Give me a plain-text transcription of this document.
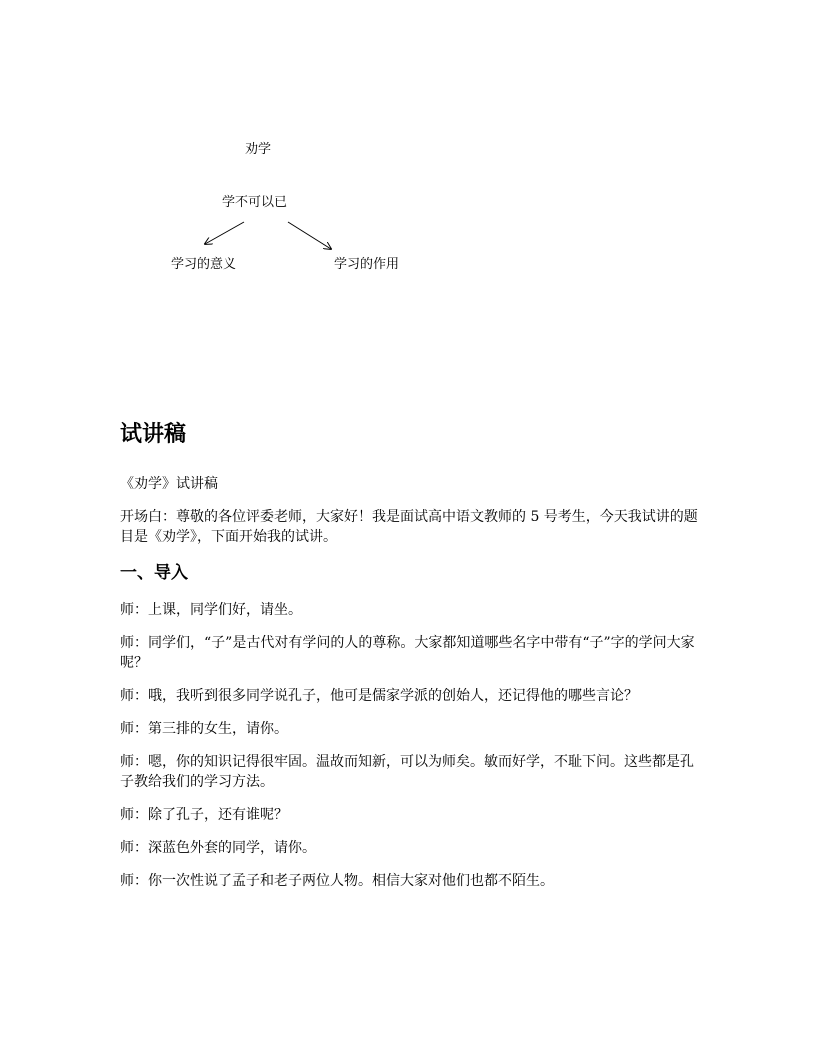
劝学
学不可以已
学习的意义	学习的作用
试讲稿

《劝学》试讲稿

开场白：尊敬的各位评委老师，大家好！我是面试高中语文教师的 5 号考生，今天我试讲的题目是《劝学》，下面开始我的试讲。

一、导入

师：上课，同学们好，请坐。

师：同学们，“子”是古代对有学问的人的尊称。大家都知道哪些名字中带有“子”字的学问大家呢？

师：哦，我听到很多同学说孔子，他可是儒家学派的创始人，还记得他的哪些言论？

师：第三排的女生，请你。

师：嗯，你的知识记得很牢固。温故而知新，可以为师矣。敏而好学，不耻下问。这些都是孔子教给我们的学习方法。

师：除了孔子，还有谁呢？

师：深蓝色外套的同学，请你。

师：你一次性说了孟子和老子两位人物。相信大家对他们也都不陌生。
